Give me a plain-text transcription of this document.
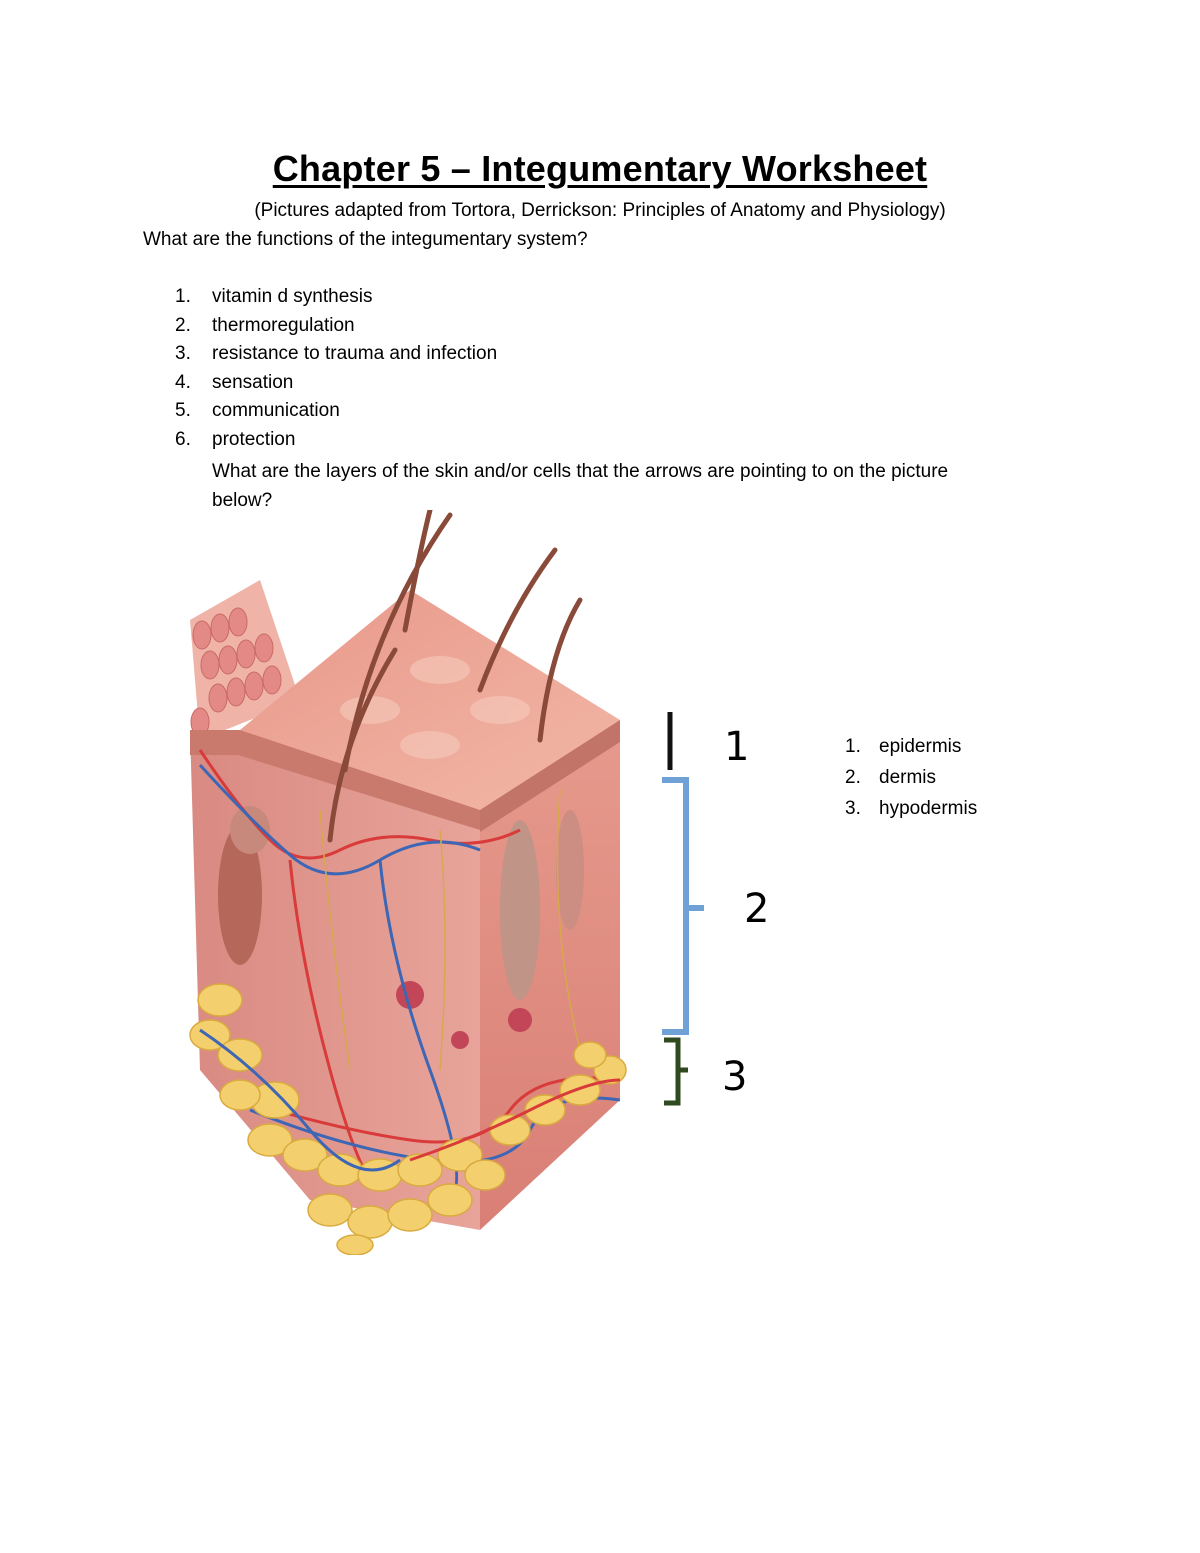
Chapter 5 – Integumentary Worksheet
(Pictures adapted from Tortora, Derrickson: Principles of Anatomy and Physiology)
What are the functions of the integumentary system?
1.	vitamin d synthesis
2.	thermoregulation
3.	resistance to trauma and infection
4.	sensation
5.	communication
6.	protection
What are the layers of the skin and/or cells that the arrows are pointing to on the picture below?
1
2
3
1. epidermis
2. dermis
3. hypodermis
